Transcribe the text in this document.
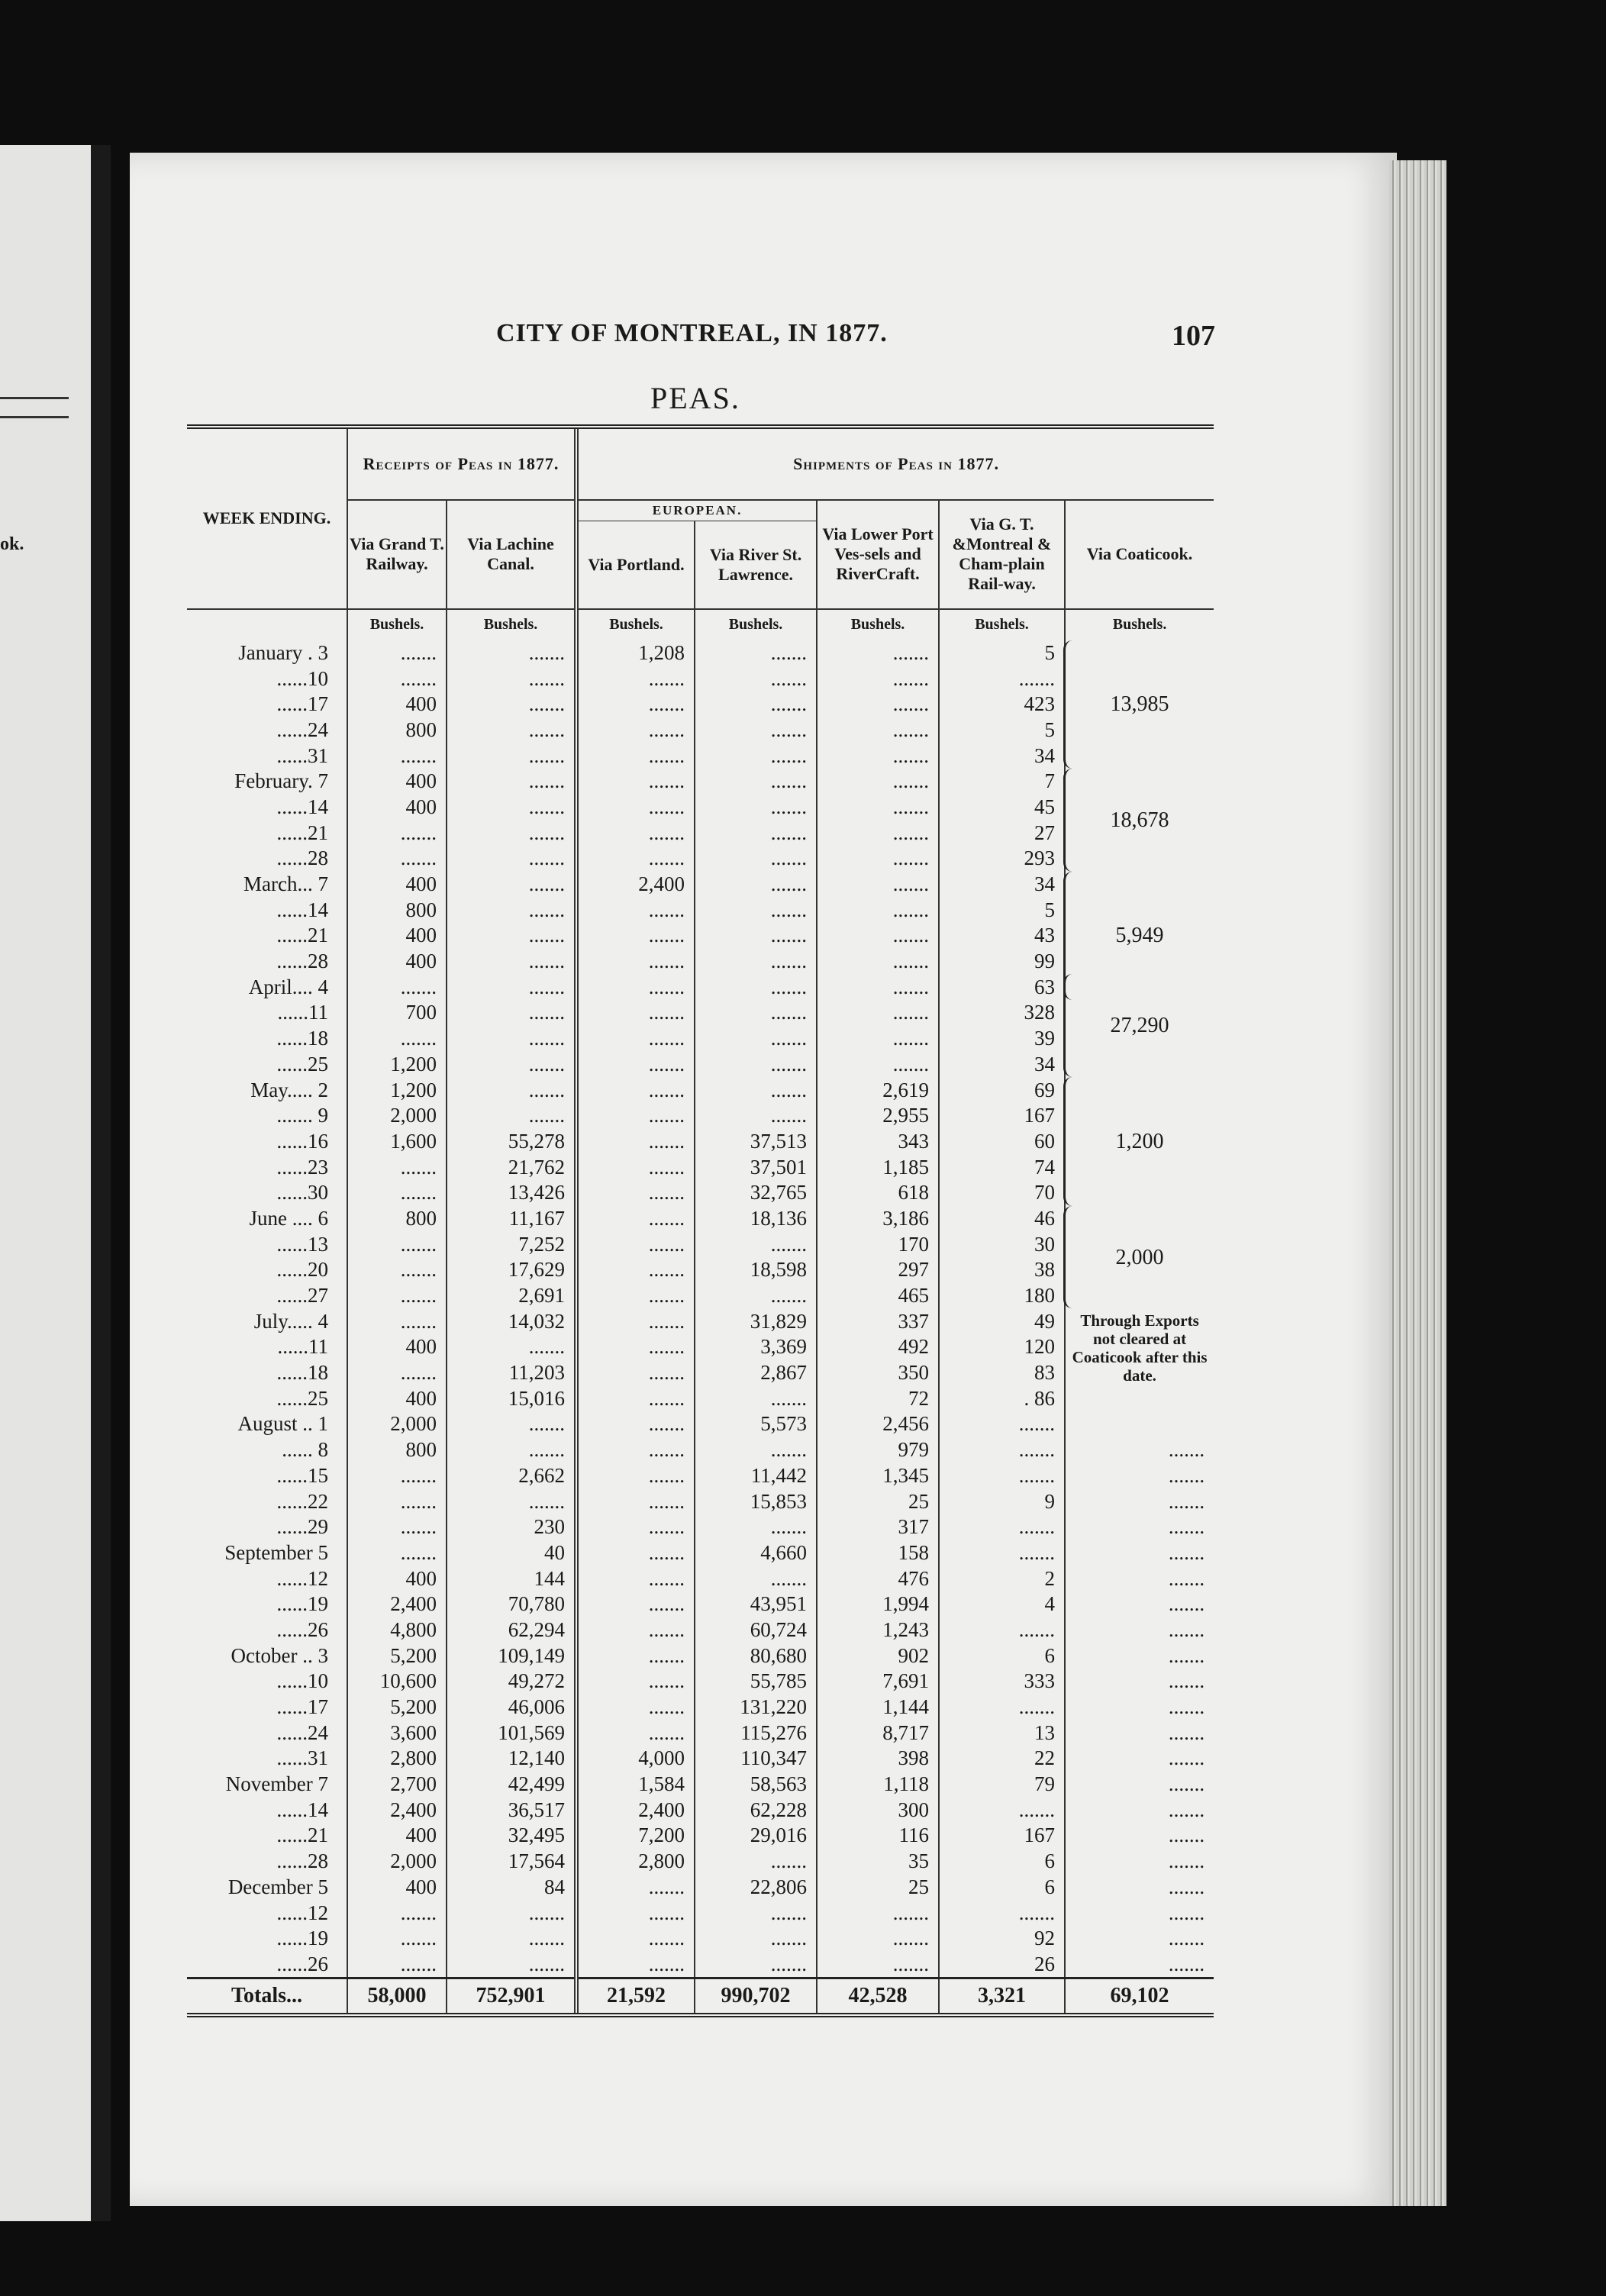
ok.
CITY OF MONTREAL, IN 1877.	107
PEAS.
WEEK ENDING.	Receipts of Peas in 1877.		Shipments of Peas in 1877.				
	Via Grand T. Railway.	Via Lachine Canal.	EUROPEAN.		Via Lower Port Ves-sels and RiverCraft.	Via G. T. &Montreal & Cham-plain Rail-way.	Via Coaticook.
			Via Portland.	Via River St. Lawrence.			
	Bushels.	Bushels.	Bushels.	Bushels.	Bushels.	Bushels.	Bushels.
January . 3	.......	.......	1,208	.......	.......	5	13,985

......10	.......	.......	.......	.......	.......	.......	
......17	400	.......	.......	.......	.......	423	
......24	800	.......	.......	.......	.......	5	
......31	.......	.......	.......	.......	.......	34	
February. 7	400	.......	.......	.......	.......	7	18,678

......14	400	.......	.......	.......	.......	45	
......21	.......	.......	.......	.......	.......	27	
......28	.......	.......	.......	.......	.......	293	
March... 7	400	.......	2,400	.......	.......	34	5,949

......14	800	.......	.......	.......	.......	5	
......21	400	.......	.......	.......	.......	43	
......28	400	.......	.......	.......	.......	99	
April.... 4	.......	.......	.......	.......	.......	63	27,290

......11	700	.......	.......	.......	.......	328	
......18	.......	.......	.......	.......	.......	39	
......25	1,200	.......	.......	.......	.......	34	
May..... 2	1,200	.......	.......	.......	2,619	69	1,200

....... 9	2,000	.......	.......	.......	2,955	167	
......16	1,600	55,278	.......	37,513	343	60	
......23	.......	21,762	.......	37,501	1,185	74	
......30	.......	13,426	.......	32,765	618	70	
June .... 6	800	11,167	.......	18,136	3,186	46	2,000

......13	.......	7,252	.......	.......	170	30	
......20	.......	17,629	.......	18,598	297	38	
......27	.......	2,691	.......	.......	465	180	
July..... 4	.......	14,032	.......	31,829	337	49	Through Exports not cleared at Coaticook after this date.

......11	400	.......	.......	3,369	492	120	
......18	.......	11,203	.......	2,867	350	83	
......25	400	15,016	.......	.......	72	. 86	
August .. 1	2,000	.......	.......	5,573	2,456	.......	
...... 8	800	.......	.......	.......	979	.......	.......
......15	.......	2,662	.......	11,442	1,345	.......	.......
......22	.......	.......	.......	15,853	25	9	.......
......29	.......	230	.......	.......	317	.......	.......
September 5	.......	40	.......	4,660	158	.......	.......
......12	400	144	.......	.......	476	2	.......
......19	2,400	70,780	.......	43,951	1,994	4	.......
......26	4,800	62,294	.......	60,724	1,243	.......	.......
October .. 3	5,200	109,149	.......	80,680	902	6	.......
......10	10,600	49,272	.......	55,785	7,691	333	.......
......17	5,200	46,006	.......	131,220	1,144	.......	.......
......24	3,600	101,569	.......	115,276	8,717	13	.......
......31	2,800	12,140	4,000	110,347	398	22	.......
November 7	2,700	42,499	1,584	58,563	1,118	79	.......
......14	2,400	36,517	2,400	62,228	300	.......	.......
......21	400	32,495	7,200	29,016	116	167	.......
......28	2,000	17,564	2,800	.......	35	6	.......
December 5	400	84	.......	22,806	25	6	.......
......12	.......	.......	.......	.......	.......	.......	.......
......19	.......	.......	.......	.......	.......	92	.......
......26	.......	.......	.......	.......	.......	26	.......
Totals...	58,000	752,901	21,592	990,702	42,528	3,321	69,102
